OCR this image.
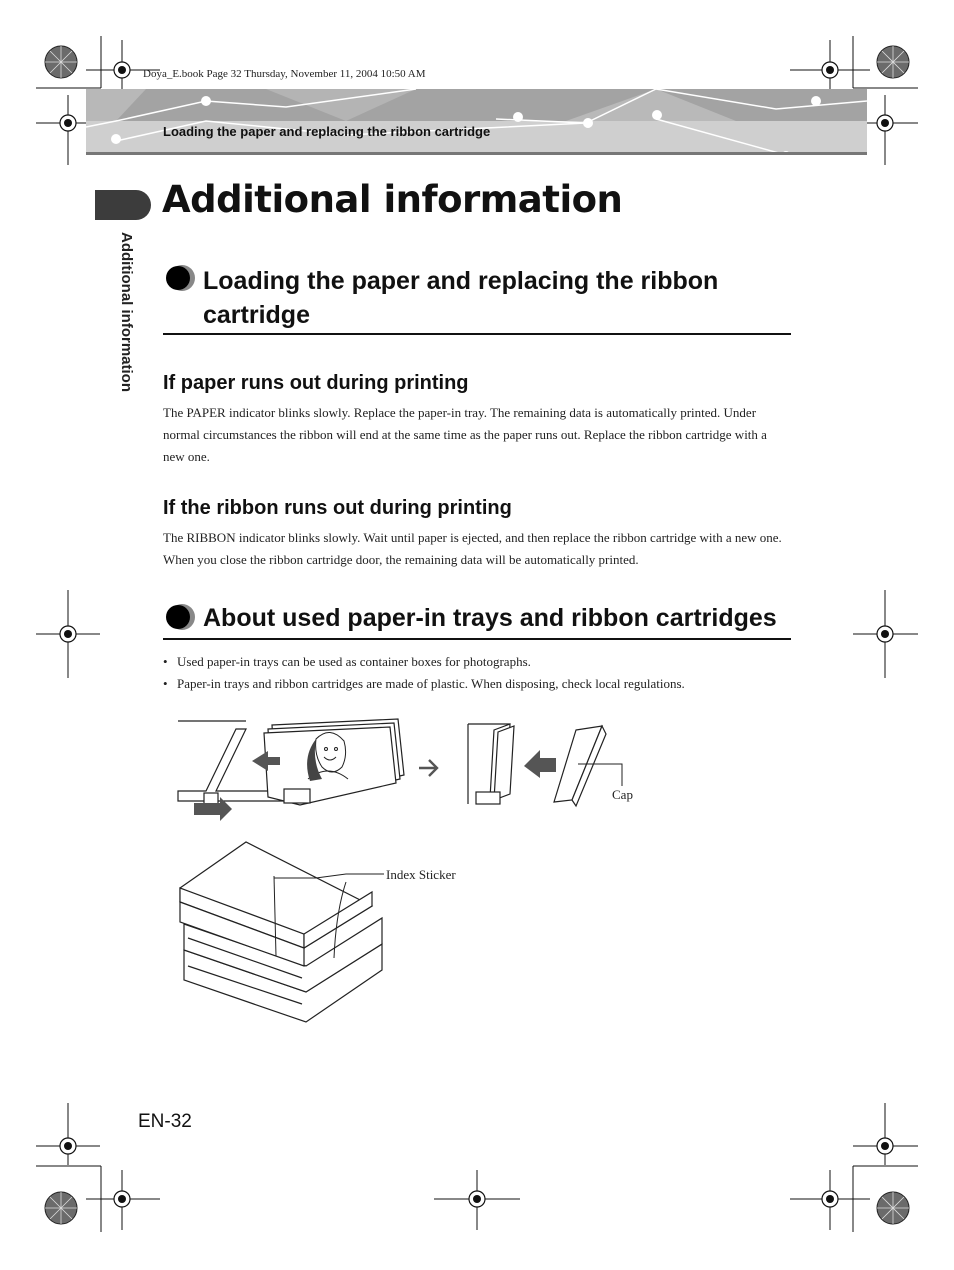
Doya_E.book Page 32 Thursday, November 11, 2004 10:50 AM
Loading the paper and replacing the ribbon cartridge
Additional information
Additional information
Loading the paper and replacing the ribbon cartridge
If paper runs out during printing
The PAPER indicator blinks slowly. Replace the paper-in tray. The remaining data is automatically printed. Under normal circumstances the ribbon will end at the same time as the paper runs out. Replace the ribbon cartridge with a new one.
If the ribbon runs out during printing
The RIBBON indicator blinks slowly. Wait until paper is ejected, and then replace the ribbon cartridge with a new one. When you close the ribbon cartridge door, the remaining data will be automatically printed.
About used paper-in trays and ribbon cartridges
• Used paper-in trays can be used as container boxes for photographs.
• Paper-in trays and ribbon cartridges are made of plastic. When disposing, check local regulations.
Cap
Index Sticker
EN-32
